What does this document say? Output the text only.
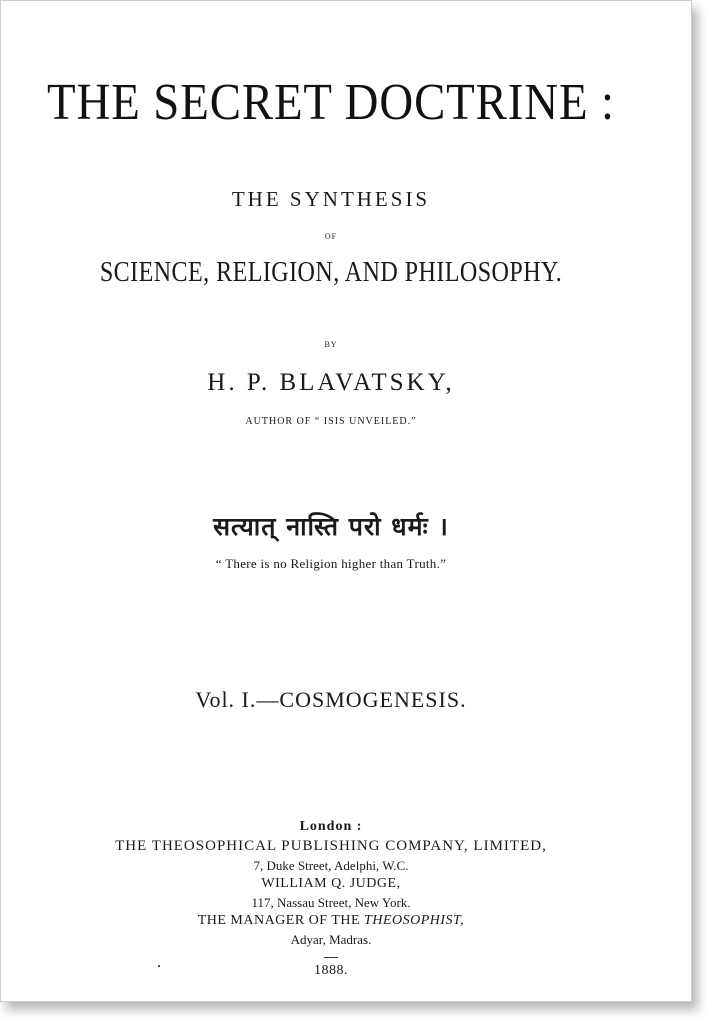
THE SECRET DOCTRINE :
THE SYNTHESIS
OF
SCIENCE, RELIGION, AND PHILOSOPHY.
BY
H. P. BLAVATSKY,
AUTHOR OF “ ISIS UNVEILED.”
सत्यात् नास्ति परो धर्मः ।
“ There is no Religion higher than Truth.”
Vol. I.—COSMOGENESIS.
London :
THE THEOSOPHICAL PUBLISHING COMPANY, LIMITED,
7, Duke Street, Adelphi, W.C.
WILLIAM Q. JUDGE,
117, Nassau Street, New York.
THE MANAGER OF THE THEOSOPHIST,
Adyar, Madras.
1888.
